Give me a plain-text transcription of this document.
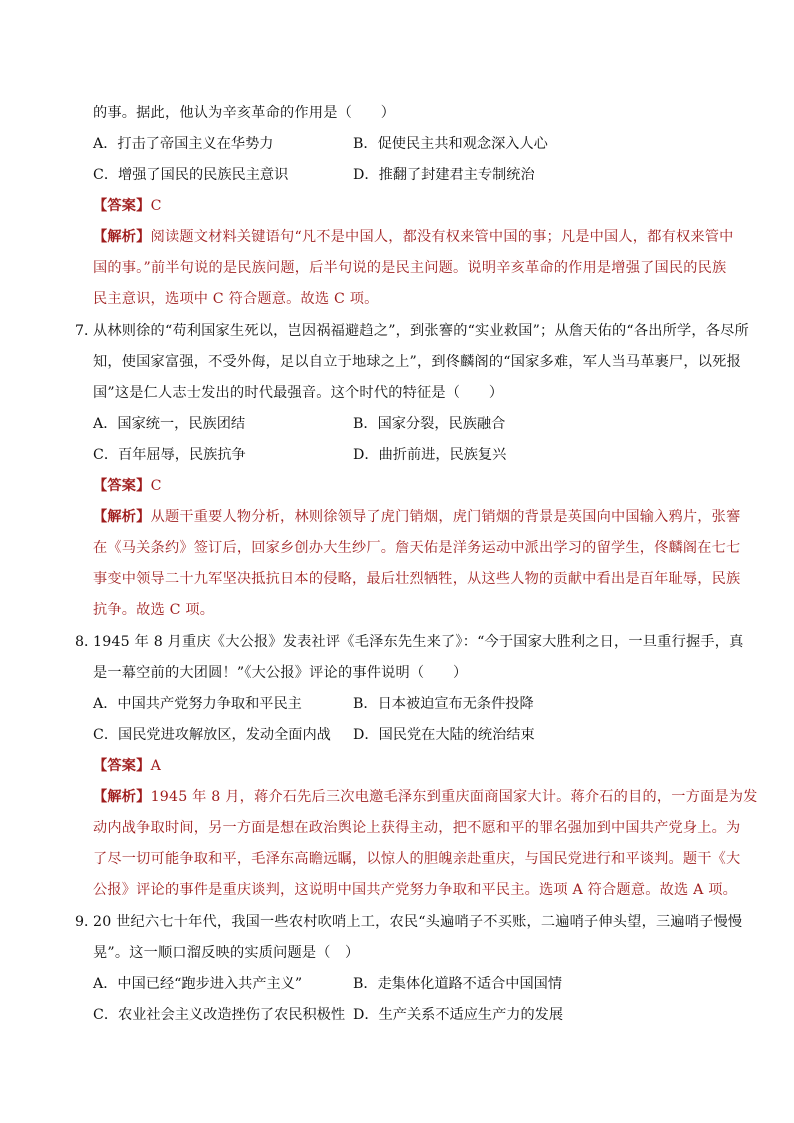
的事。据此，他认为辛亥革命的作用是（　　）
A．打击了帝国主义在华势力	B．促使民主共和观念深入人心
C．增强了国民的民族民主意识	D．推翻了封建君主专制统治
【答案】C
【解析】阅读题文材料关键语句“凡不是中国人，都没有权来管中国的事；凡是中国人，都有权来管中
国的事。”前半句说的是民族问题，后半句说的是民主问题。说明辛亥革命的作用是增强了国民的民族
民主意识，选项中 C 符合题意。故选 C 项。
7．
从林则徐的“苟利国家生死以，岂因祸福避趋之”，到张謇的“实业救国”；从詹天佑的“各出所学，各尽所
知，使国家富强，不受外侮，足以自立于地球之上”，到佟麟阁的“国家多难，军人当马革裹尸，以死报
国”这是仁人志士发出的时代最强音。这个时代的特征是（　　）
A．国家统一，民族团结	B．国家分裂，民族融合
C．百年屈辱，民族抗争	D．曲折前进，民族复兴
【答案】C
【解析】从题干重要人物分析，林则徐领导了虎门销烟，虎门销烟的背景是英国向中国输入鸦片，张謇
在《马关条约》签订后，回家乡创办大生纱厂。詹天佑是洋务运动中派出学习的留学生，佟麟阁在七七
事变中领导二十九军坚决抵抗日本的侵略，最后壮烈牺牲，从这些人物的贡献中看出是百年耻辱，民族
抗争。故选 C 项。
8．
1945 年 8 月重庆《大公报》发表社评《毛泽东先生来了》：“今于国家大胜利之日，一旦重行握手，真
是一幕空前的大团圆！”《大公报》评论的事件说明（　　）
A．中国共产党努力争取和平民主	B．日本被迫宣布无条件投降
C．国民党进攻解放区，发动全面内战 D．国民党在大陆的统治结束
【答案】A
【解析】1945 年 8 月，蒋介石先后三次电邀毛泽东到重庆面商国家大计。蒋介石的目的，一方面是为发
动内战争取时间，另一方面是想在政治舆论上获得主动，把不愿和平的罪名强加到中国共产党身上。为
了尽一切可能争取和平，毛泽东高瞻远瞩，以惊人的胆魄亲赴重庆，与国民党进行和平谈判。题干《大
公报》评论的事件是重庆谈判，这说明中国共产党努力争取和平民主。选项 A 符合题意。故选 A 项。
9．
20 世纪六七十年代，我国一些农村吹哨上工，农民“头遍哨子不买账，二遍哨子伸头望，三遍哨子慢慢
晃”。这一顺口溜反映的实质问题是（　）
A．中国已经“跑步进入共产主义”	B．走集体化道路不适合中国国情
C．农业社会主义改造挫伤了农民积极性 D．生产关系不适应生产力的发展
